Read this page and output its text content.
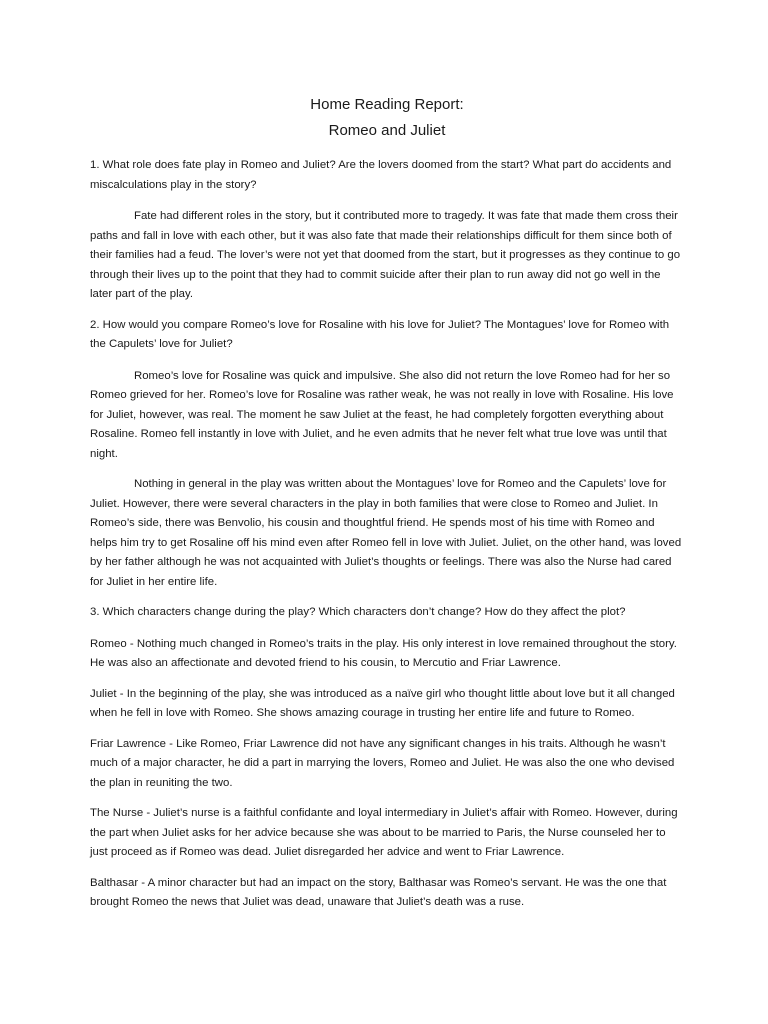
Home Reading Report:
Romeo and Juliet

1. What role does fate play in Romeo and Juliet? Are the lovers doomed from the start? What part do accidents and miscalculations play in the story?

Fate had different roles in the story, but it contributed more to tragedy. It was fate that made them cross their paths and fall in love with each other, but it was also fate that made their relationships difficult for them since both of their families had a feud. The lover’s were not yet that doomed from the start, but it progresses as they continue to go through their lives up to the point that they had to commit suicide after their plan to run away did not go well in the later part of the play.

2. How would you compare Romeo’s love for Rosaline with his love for Juliet? The Montagues’ love for Romeo with the Capulets’ love for Juliet?

Romeo’s love for Rosaline was quick and impulsive. She also did not return the love Romeo had for her so Romeo grieved for her. Romeo’s love for Rosaline was rather weak, he was not really in love with Rosaline. His love for Juliet, however, was real. The moment he saw Juliet at the feast, he had completely forgotten everything about Rosaline. Romeo fell instantly in love with Juliet, and he even admits that he never felt what true love was until that night.

Nothing in general in the play was written about the Montagues’ love for Romeo and the Capulets’ love for Juliet. However, there were several characters in the play in both families that were close to Romeo and Juliet. In Romeo’s side, there was Benvolio, his cousin and thoughtful friend. He spends most of his time with Romeo and helps him try to get Rosaline off his mind even after Romeo fell in love with Juliet. Juliet, on the other hand, was loved by her father although he was not acquainted with Juliet’s thoughts or feelings. There was also the Nurse had cared for Juliet in her entire life.

3. Which characters change during the play? Which characters don’t change? How do they affect the plot?

Romeo - Nothing much changed in Romeo’s traits in the play. His only interest in love remained throughout the story. He was also an affectionate and devoted friend to his cousin, to Mercutio and Friar Lawrence.

Juliet - In the beginning of the play, she was introduced as a naïve girl who thought little about love but it all changed when he fell in love with Romeo. She shows amazing courage in trusting her entire life and future to Romeo.

Friar Lawrence - Like Romeo, Friar Lawrence did not have any significant changes in his traits. Although he wasn’t much of a major character, he did a part in marrying the lovers, Romeo and Juliet. He was also the one who devised the plan in reuniting the two.

The Nurse - Juliet’s nurse is a faithful confidante and loyal intermediary in Juliet’s affair with Romeo. However, during the part when Juliet asks for her advice because she was about to be married to Paris, the Nurse counseled her to just proceed as if Romeo was dead. Juliet disregarded her advice and went to Friar Lawrence.

Balthasar - A minor character but had an impact on the story, Balthasar was Romeo’s servant. He was the one that brought Romeo the news that Juliet was dead, unaware that Juliet’s death was a ruse.
